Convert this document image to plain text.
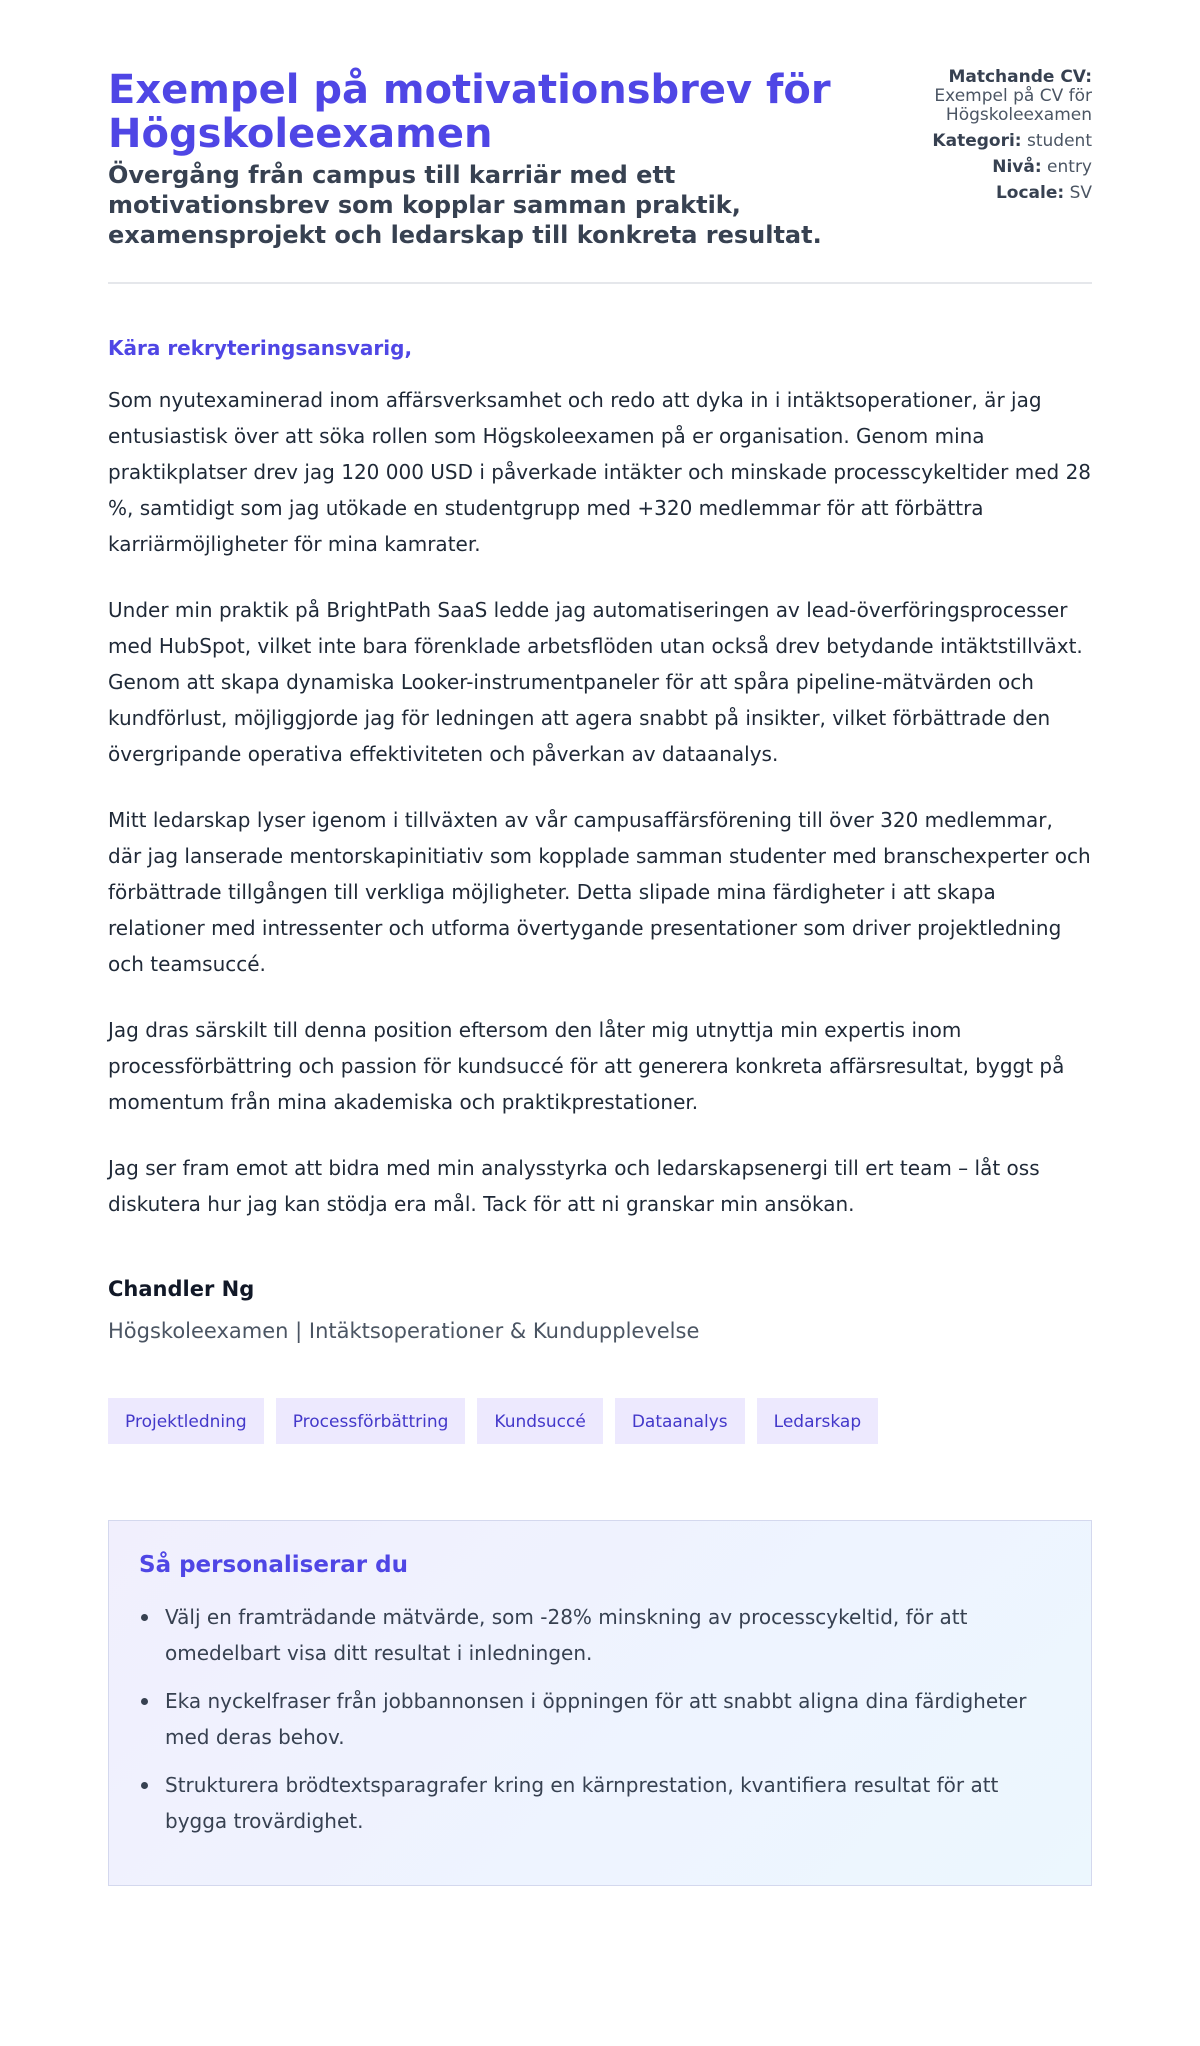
Exempel på motivationsbrev för Högskoleexamen
Övergång från campus till karriär med ett motivationsbrev som kopplar samman praktik, examensprojekt och ledarskap till konkreta resultat.
Matchande CV:
Exempel på CV för Högskoleexamen
Kategori: student
Nivå: entry
Locale: SV
Kära rekryteringsansvarig,

Som nyutexaminerad inom affärsverksamhet och redo att dyka in i intäktsoperationer, är jag entusiastisk över att söka rollen som Högskoleexamen på er organisation. Genom mina praktikplatser drev jag 120 000 USD i påverkade intäkter och minskade processcykeltider med 28 %, samtidigt som jag utökade en studentgrupp med +320 medlemmar för att förbättra karriärmöjligheter för mina kamrater.

Under min praktik på BrightPath SaaS ledde jag automatiseringen av lead-överföringsprocesser med HubSpot, vilket inte bara förenklade arbetsflöden utan också drev betydande intäktstillväxt. Genom att skapa dynamiska Looker-instrumentpaneler för att spåra pipeline-mätvärden och kundförlust, möjliggjorde jag för ledningen att agera snabbt på insikter, vilket förbättrade den övergripande operativa effektiviteten och påverkan av dataanalys.

Mitt ledarskap lyser igenom i tillväxten av vår campusaffärsförening till över 320 medlemmar, där jag lanserade mentorskapinitiativ som kopplade samman studenter med branschexperter och förbättrade tillgången till verkliga möjligheter. Detta slipade mina färdigheter i att skapa relationer med intressenter och utforma övertygande presentationer som driver projektledning och teamsuccé.

Jag dras särskilt till denna position eftersom den låter mig utnyttja min expertis inom processförbättring och passion för kundsuccé för att generera konkreta affärsresultat, byggt på momentum från mina akademiska och praktikprestationer.

Jag ser fram emot att bidra med min analysstyrka och ledarskapsenergi till ert team – låt oss diskutera hur jag kan stödja era mål. Tack för att ni granskar min ansökan.

Chandler Ng
Högskoleexamen | Intäktsoperationer & Kundupplevelse
Projektledning	Processförbättring	Kundsuccé	Dataanalys	Ledarskap
Så personaliserar du
Välj en framträdande mätvärde, som -28% minskning av processcykeltid, för att omedelbart visa ditt resultat i inledningen.
Eka nyckelfraser från jobbannonsen i öppningen för att snabbt aligna dina färdigheter med deras behov.
Strukturera brödtextsparagrafer kring en kärnprestation, kvantifiera resultat för att bygga trovärdighet.
